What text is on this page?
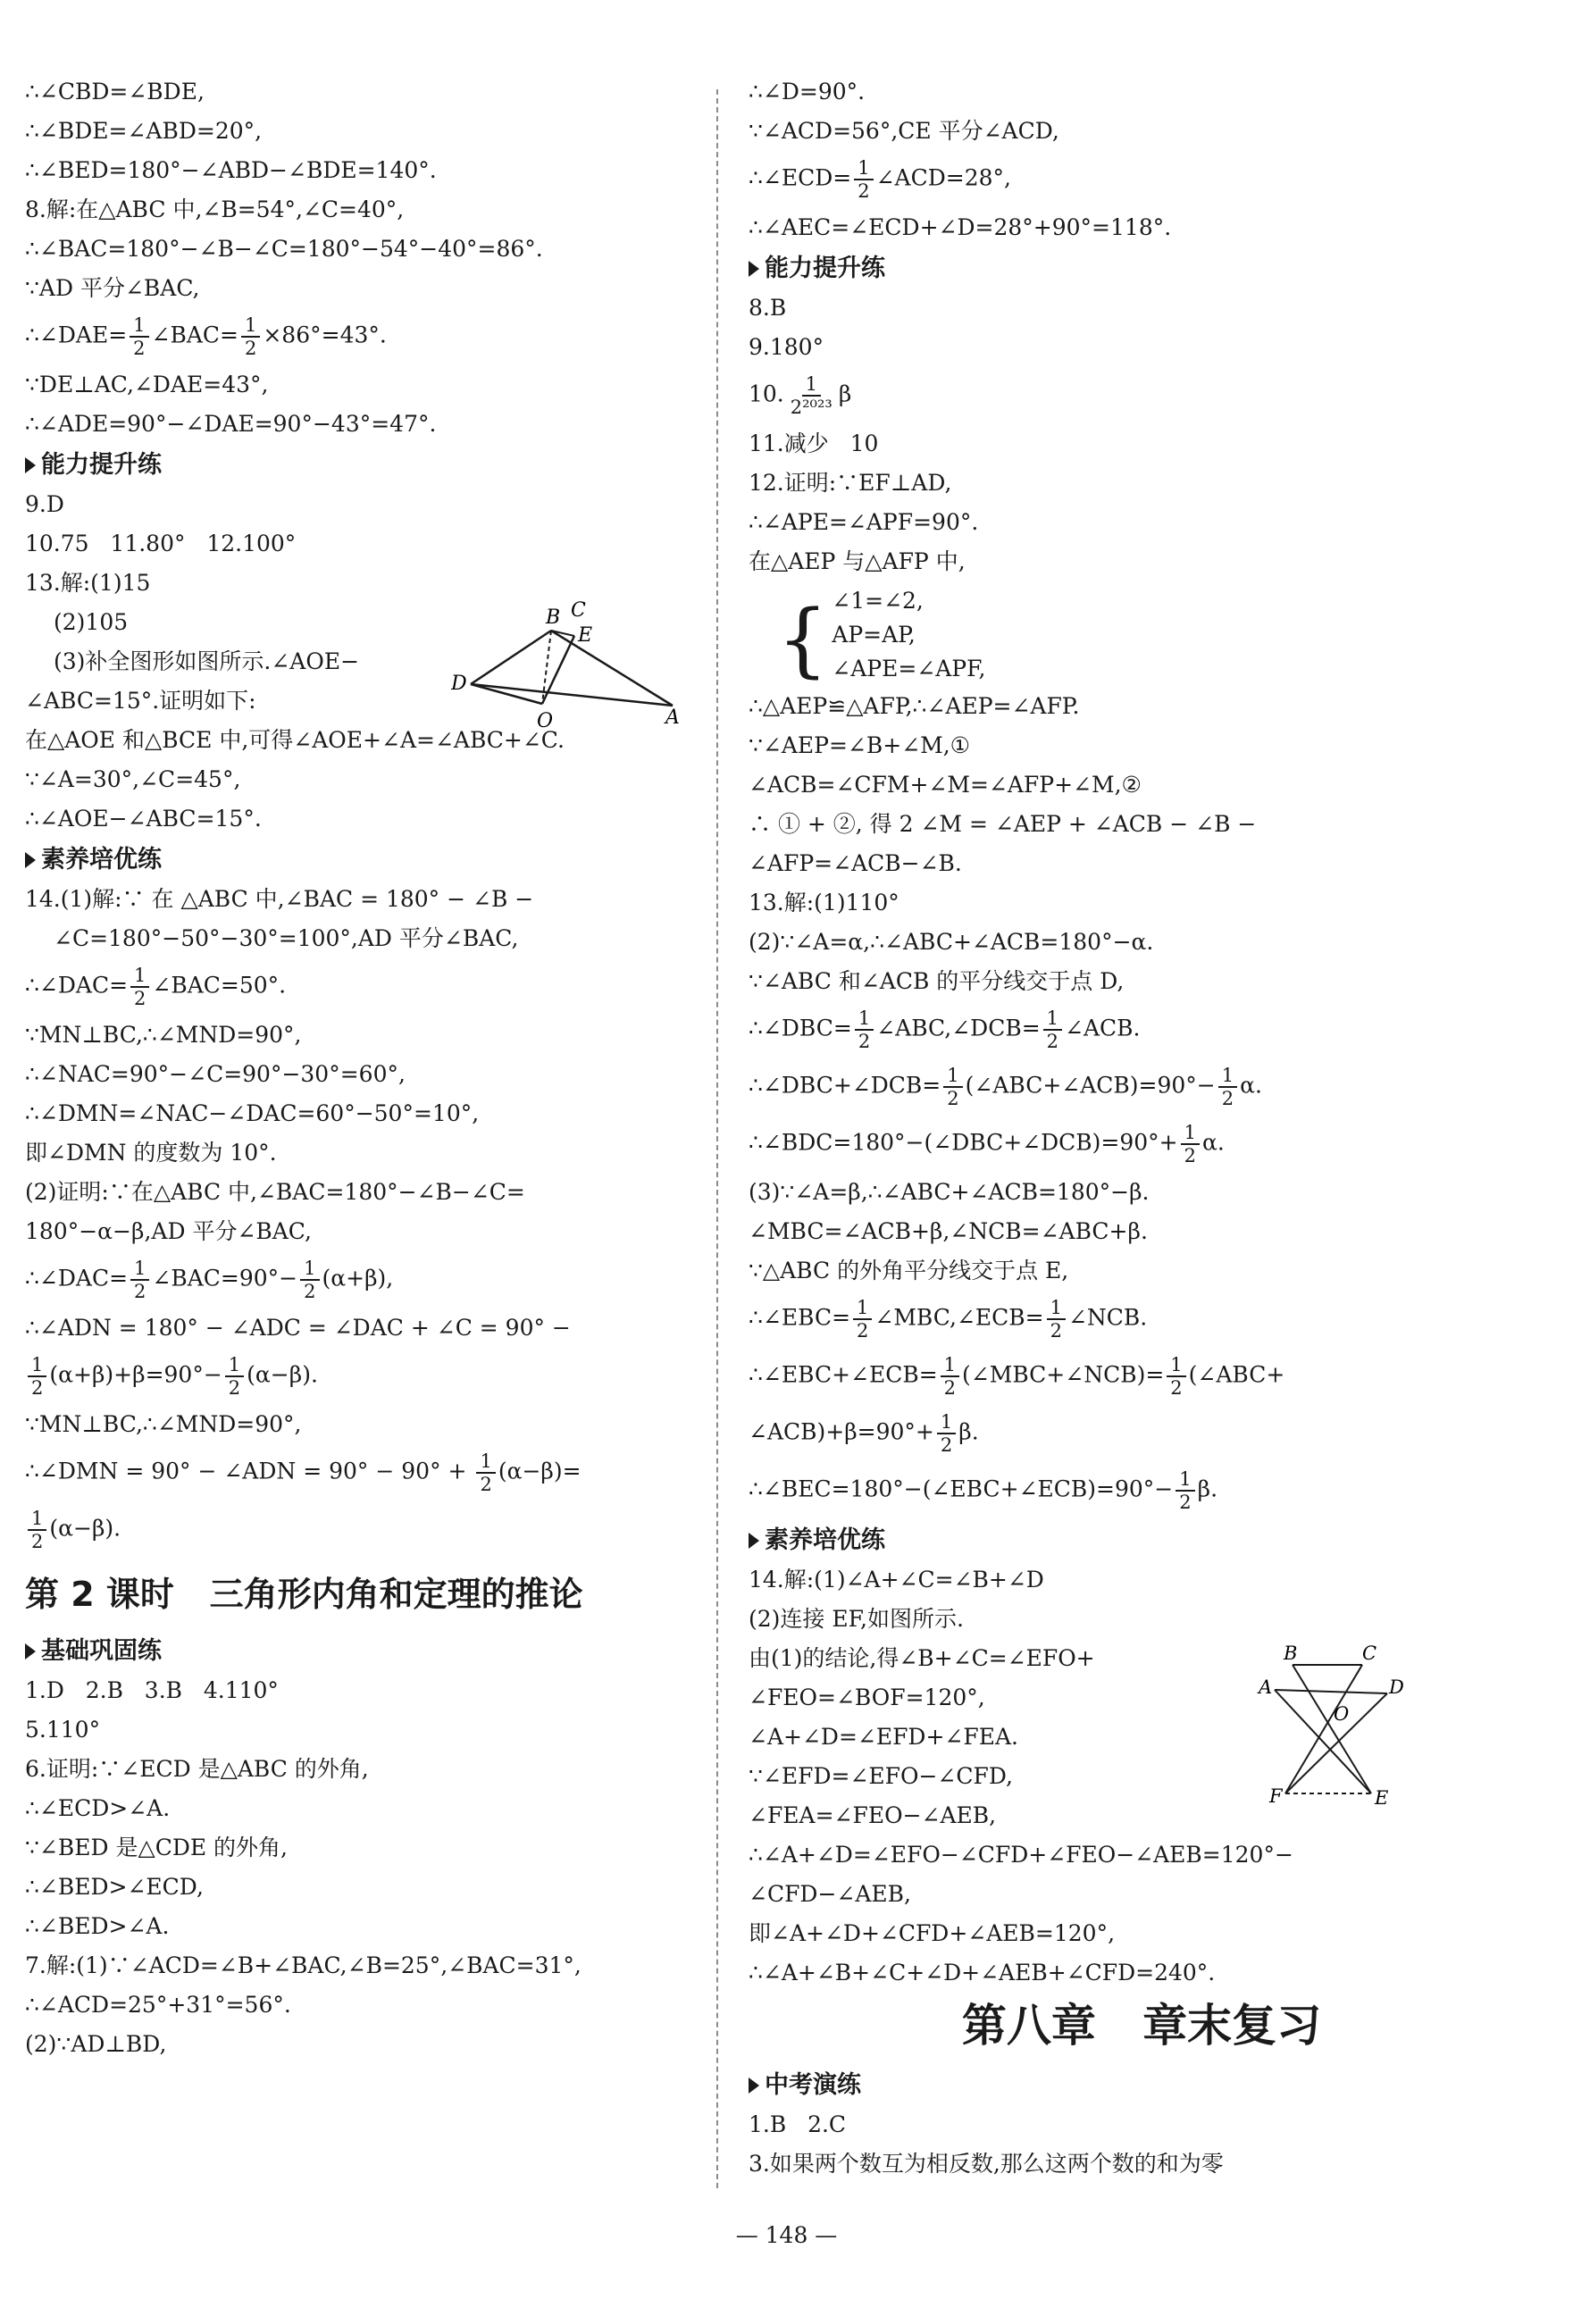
∴∠CBD=∠BDE,
∴∠BDE=∠ABD=20°,
∴∠BED=180°−∠ABD−∠BDE=140°.
8.解:在△ABC 中,∠B=54°,∠C=40°,
∴∠BAC=180°−∠B−∠C=180°−54°−40°=86°.
∵AD 平分∠BAC,
∴∠DAE= $\frac{1}{2}$ ∠BAC= $\frac{1}{2} \times 86^\circ=43^\circ$.
∵DE⊥AC,∠DAE=43°,
∴∠ADE=90°−∠DAE=90°−43°=47°.
能力提升练
9.D
10.75   11.80°   12.100°
13.解:(1)15
(2)105
(3)补全图形如图所示.∠AOE−
∠ABC=15°.证明如下:
在△AOE 和△BCE 中,可得∠AOE+∠A=∠ABC+∠C.
∵∠A=30°,∠C=45°,
∴∠AOE−∠ABC=15°.
素养培优练
14.(1)解:∵ 在 △ABC 中,∠BAC = 180° − ∠B −
∠C=180°−50°−30°=100°,AD 平分∠BAC,
∴∠DAC= $\frac{1}{2}$ ∠BAC=50°.
∵MN⊥BC,∴∠MND=90°,
∴∠NAC=90°−∠C=90°−30°=60°,
∴∠DMN=∠NAC−∠DAC=60°−50°=10°,
即∠DMN 的度数为 10°.
(2)证明:∵在△ABC 中,∠BAC=180°−∠B−∠C=
180°−α−β,AD 平分∠BAC,
∴∠DAC= $\frac{1}{2}$ ∠BAC=90°− $\frac{1}{2} (\alpha+\beta)$,
∴∠ADN = 180° − ∠ADC = ∠DAC + ∠C = 90° −
$\frac{1}{2} (\alpha+\beta)+\beta=90^\circ- \frac{1}{2} (\alpha-\beta)$.
∵MN⊥BC,∴∠MND=90°,
∴∠DMN = 90° − ∠ADN = $90^\circ - 90^\circ + \frac{1}{2} (\alpha-\beta)=$
$\frac{1}{2} (\alpha-\beta)$.
第 2 课时   三角形内角和定理的推论
基础巩固练
1.D   2.B   3.B   4.110°
5.110°
6.证明:∵∠ECD 是△ABC 的外角,
∴∠ECD>∠A.
∵∠BED 是△CDE 的外角,
∴∠BED>∠ECD,
∴∠BED>∠A.
7.解:(1)∵∠ACD=∠B+∠BAC,∠B=25°,∠BAC=31°,
∴∠ACD=25°+31°=56°.
(2)∵AD⊥BD,
∴∠D=90°.
∵∠ACD=56°,CE 平分∠ACD,
∴∠ECD= $\frac{1}{2}$ ∠ACD=28°,
∴∠AEC=∠ECD+∠D=28°+90°=118°.
能力提升练
8.B
9.180°
10. $\frac{1}{\text{2²⁰²³}}$ β
11.减少   10
12.证明:∵EF⊥AD,
∴∠APE=∠APF=90°.
在△AEP 与△AFP 中,
{ ∠1=∠2,
AP=AP,
∠APE=∠APF,
∴△AEP≌△AFP,∴∠AEP=∠AFP.
∵∠AEP=∠B+∠M,①
∠ACB=∠CFM+∠M=∠AFP+∠M,②
∴ ① + ②, 得 2 ∠M = ∠AEP + ∠ACB − ∠B −
∠AFP=∠ACB−∠B.
13.解:(1)110°
(2)∵∠A=α,∴∠ABC+∠ACB=180°−α.
∵∠ABC 和∠ACB 的平分线交于点 D,
∴∠DBC= $\frac{1}{2}$ ∠ABC,∠DCB= $\frac{1}{2}$ ∠ACB.
∴∠DBC+∠DCB= $\frac{1}{2}$ (∠ABC+∠ACB)=90°− $\frac{1}{2} \alpha$.
∴∠BDC=180°−(∠DBC+∠DCB)=90°+ $\frac{1}{2} \alpha$.
(3)∵∠A=β,∴∠ABC+∠ACB=180°−β.
∠MBC=∠ACB+β,∠NCB=∠ABC+β.
∵△ABC 的外角平分线交于点 E,
∴∠EBC= $\frac{1}{2}$ ∠MBC,∠ECB= $\frac{1}{2}$ ∠NCB.
∴∠EBC+∠ECB= $\frac{1}{2}$ (∠MBC+∠NCB)= $\frac{1}{2}$ (∠ABC+
∠ACB)+β=90°+ $\frac{1}{2} \beta$.
∴∠BEC=180°−(∠EBC+∠ECB)=90°− $\frac{1}{2} \beta$.
素养培优练
14.解:(1)∠A+∠C=∠B+∠D
(2)连接 EF,如图所示.
由(1)的结论,得∠B+∠C=∠EFO+
∠FEO=∠BOF=120°,
∠A+∠D=∠EFD+∠FEA.
∵∠EFD=∠EFO−∠CFD,
∠FEA=∠FEO−∠AEB,
∴∠A+∠D=∠EFO−∠CFD+∠FEO−∠AEB=120°−
∠CFD−∠AEB,
即∠A+∠D+∠CFD+∠AEB=120°,
∴∠A+∠B+∠C+∠D+∠AEB+∠CFD=240°.
第八章   章末复习
中考演练
1.B   2.C
3.如果两个数互为相反数,那么这两个数的和为零
B C
E
D
O	A
B	C
A	D
O
F	E
— 148 —
